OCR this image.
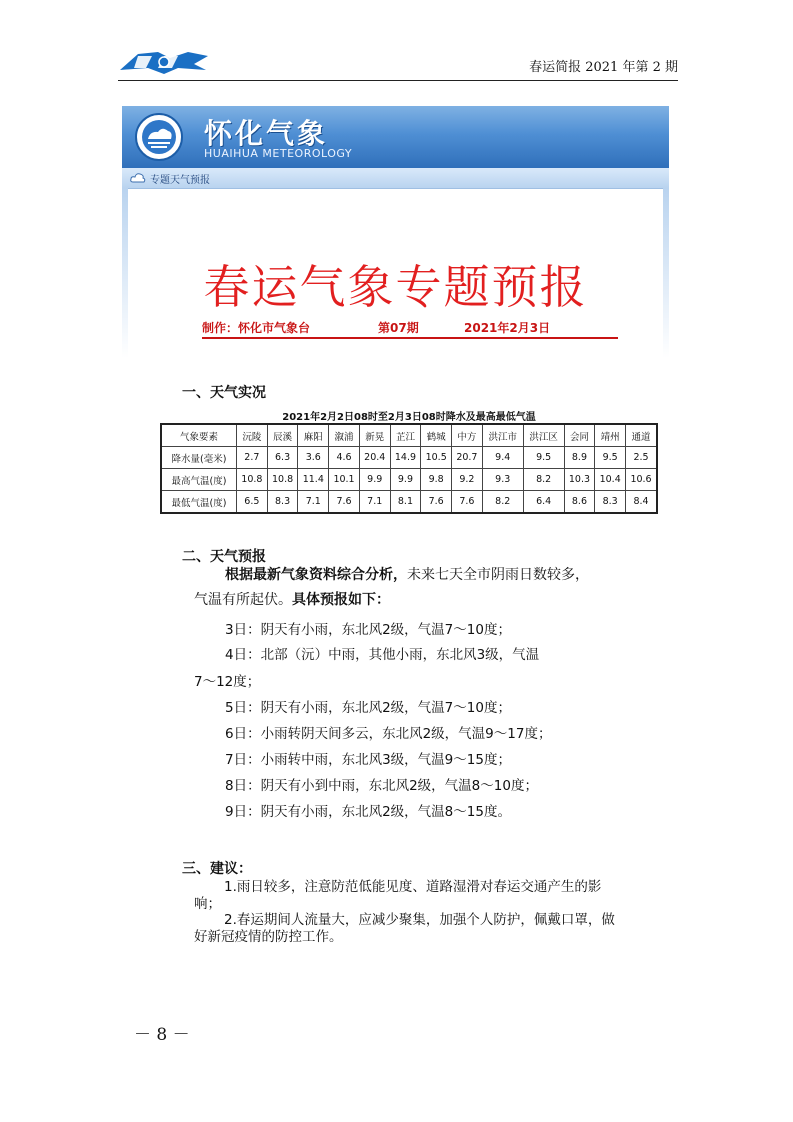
春运简报 2021 年第 2 期
怀化气象
HUAIHUA METEOROLOGY
专题天气预报
春运气象专题预报
制作：怀化市气象台	第07期	2021年2月3日
一、天气实况
2021年2月2日08时至2月3日08时降水及最高最低气温
气象要素	沅陵	辰溪	麻阳	溆浦	新晃	芷江	鹤城	中方	洪江市	洪江区	会同	靖州	通道
降水量(毫米)	2.7	6.3	3.6	4.6	20.4	14.9	10.5	20.7	9.4	9.5	8.9	9.5	2.5
最高气温(度)	10.8	10.8	11.4	10.1	9.9	9.9	9.8	9.2	9.3	8.2	10.3	10.4	10.6
最低气温(度)	6.5	8.3	7.1	7.6	7.1	8.1	7.6	7.6	8.2	6.4	8.6	8.3	8.4
二、天气预报
根据最新气象资料综合分析，未来七天全市阴雨日数较多，
气温有所起伏。具体预报如下：
3日：阴天有小雨，东北风2级，气温7～10度；
4日：北部（沅）中雨，其他小雨，东北风3级，气温
7～12度；
5日：阴天有小雨，东北风2级，气温7～10度；
6日：小雨转阴天间多云，东北风2级，气温9～17度；
7日：小雨转中雨，东北风3级，气温9～15度；
8日：阴天有小到中雨，东北风2级，气温8～10度；
9日：阴天有小雨，东北风2级，气温8～15度。
三、建议：
1.雨日较多，注意防范低能见度、道路湿滑对春运交通产生的影响；
2.春运期间人流量大，应减少聚集，加强个人防护，佩戴口罩，做好新冠疫情的防控工作。
－ 8 －
